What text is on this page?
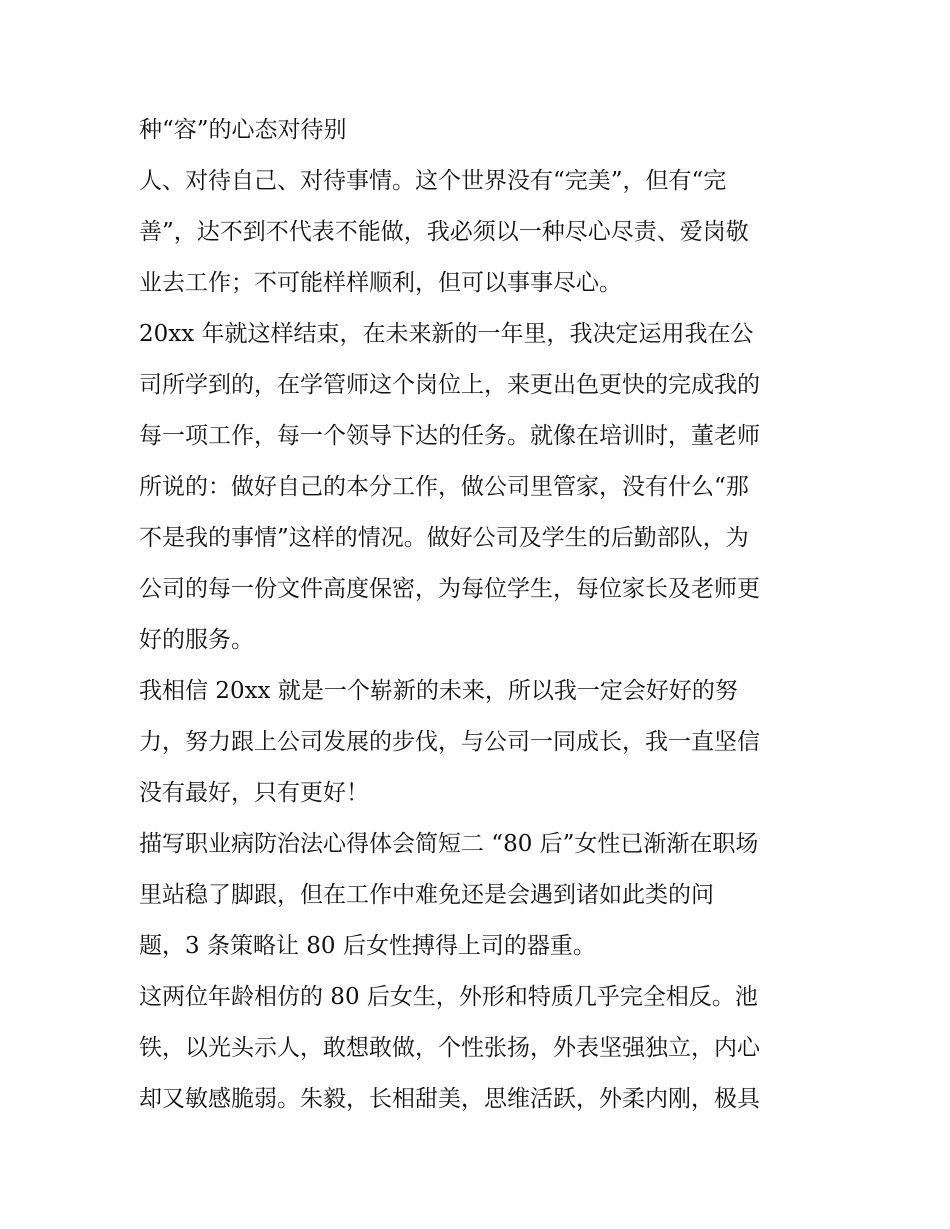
种“容”的心态对待别
人、对待自己、对待事情。这个世界没有“完美”，但有“完
善”，达不到不代表不能做，我必须以一种尽心尽责、爱岗敬
业去工作；不可能样样顺利，但可以事事尽心。
20xx 年就这样结束，在未来新的一年里，我决定运用我在公
司所学到的，在学管师这个岗位上，来更出色更快的完成我的
每一项工作，每一个领导下达的任务。就像在培训时，董老师
所说的：做好自己的本分工作，做公司里管家，没有什么“那
不是我的事情”这样的情况。做好公司及学生的后勤部队，为
公司的每一份文件高度保密，为每位学生，每位家长及老师更
好的服务。
我相信 20xx 就是一个崭新的未来，所以我一定会好好的努
力，努力跟上公司发展的步伐，与公司一同成长，我一直坚信
没有最好，只有更好！
描写职业病防治法心得体会简短二 “80 后”女性已渐渐在职场
里站稳了脚跟，但在工作中难免还是会遇到诸如此类的问
题，3 条策略让 80 后女性搏得上司的器重。
这两位年龄相仿的 80 后女生，外形和特质几乎完全相反。池
铁，以光头示人，敢想敢做，个性张扬，外表坚强独立，内心
却又敏感脆弱。朱毅，长相甜美，思维活跃，外柔内刚，极具
